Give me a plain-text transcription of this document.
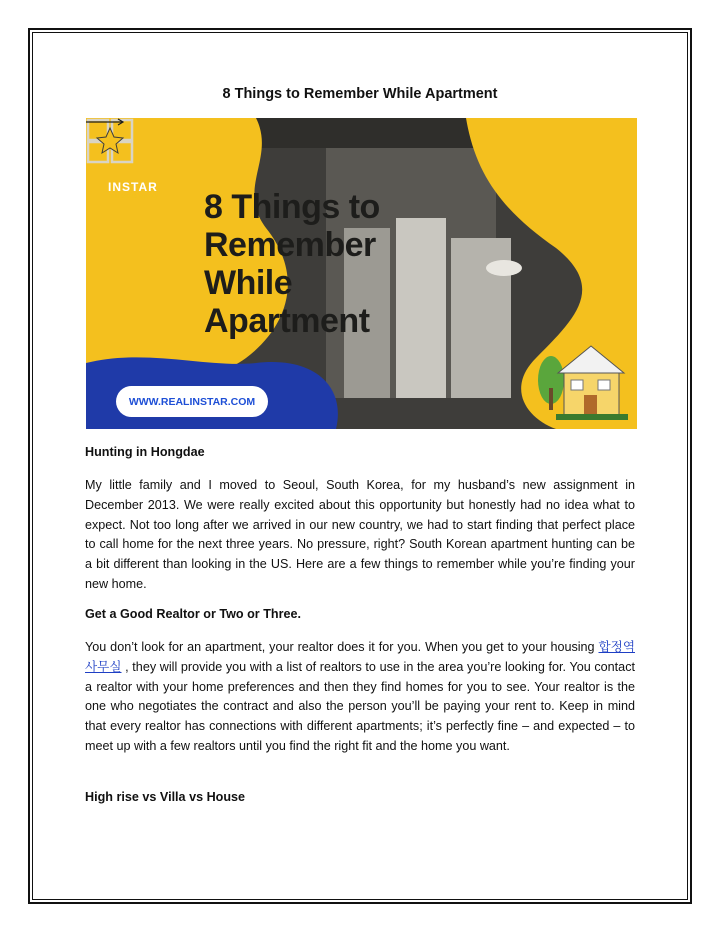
8 Things to Remember While Apartment
INSTAR
real estate agency 8 Things to
Remember
While
Apartment
WWW.REALINSTAR.COM
Hunting in Hongdae
My little family and I moved to Seoul, South Korea, for my husband’s new assignment in December 2013. We were really excited about this opportunity but honestly had no idea what to expect. Not too long after we arrived in our new country, we had to start finding that perfect place to call home for the next three years. No pressure, right? South Korean apartment hunting can be a bit different than looking in the US. Here are a few things to remember while you’re finding your new home.
Get a Good Realtor or Two or Three.
You don’t look for an apartment, your realtor does it for you. When you get to your housing 합정역사무실 , they will provide you with a list of realtors to use in the area you’re looking for. You contact a realtor with your home preferences and then they find homes for you to see. Your realtor is the one who negotiates the contract and also the person you’ll be paying your rent to. Keep in mind that every realtor has connections with different apartments; it’s perfectly fine – and expected – to meet up with a few realtors until you find the right fit and the home you want.
High rise vs Villa vs House
